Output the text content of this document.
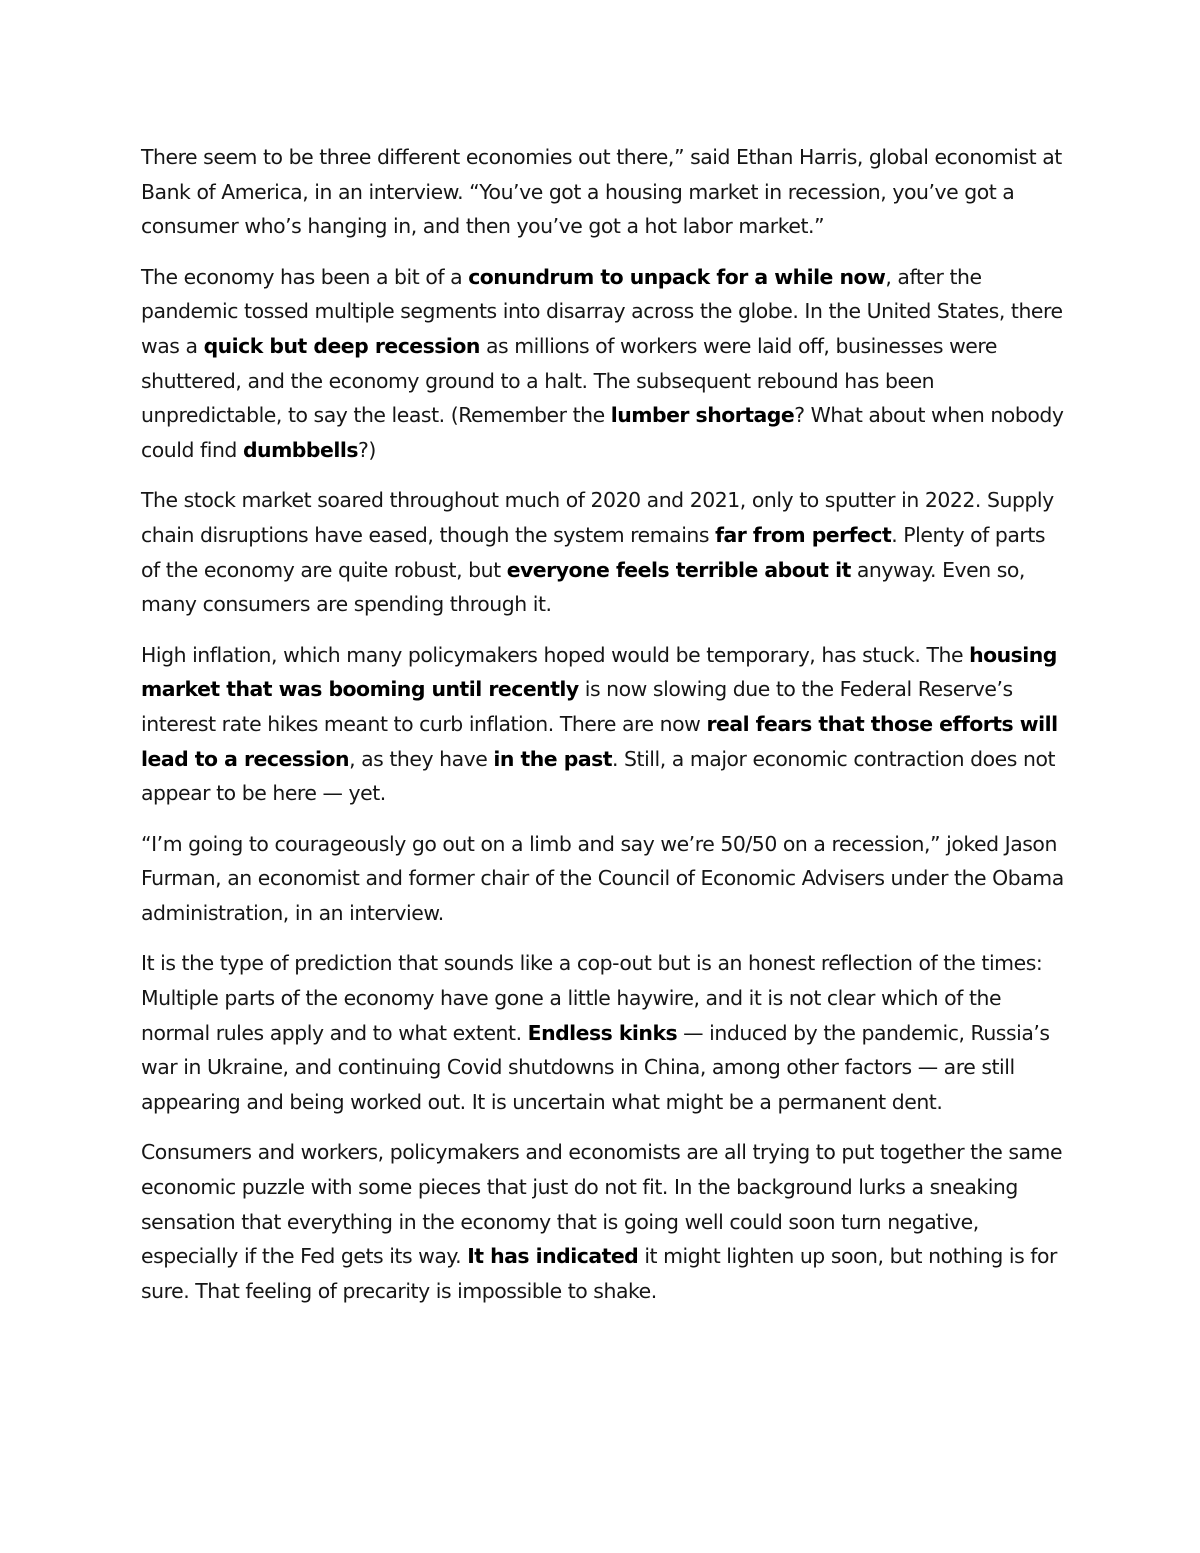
There seem to be three different economies out there,” said Ethan Harris, global economist at Bank of America, in an interview. “You’ve got a housing market in recession, you’ve got a consumer who’s hanging in, and then you’ve got a hot labor market.”

The economy has been a bit of a conundrum to unpack for a while now, after the pandemic tossed multiple segments into disarray across the globe. In the United States, there was a quick but deep recession as millions of workers were laid off, businesses were shuttered, and the economy ground to a halt. The subsequent rebound has been unpredictable, to say the least. (Remember the lumber shortage? What about when nobody could find dumbbells?)

The stock market soared throughout much of 2020 and 2021, only to sputter in 2022. Supply chain disruptions have eased, though the system remains far from perfect. Plenty of parts of the economy are quite robust, but everyone feels terrible about it anyway. Even so, many consumers are spending through it.

High inflation, which many policymakers hoped would be temporary, has stuck. The housing market that was booming until recently is now slowing due to the Federal Reserve’s interest rate hikes meant to curb inflation. There are now real fears that those efforts will lead to a recession, as they have in the past. Still, a major economic contraction does not appear to be here — yet.

“I’m going to courageously go out on a limb and say we’re 50/50 on a recession,” joked Jason Furman, an economist and former chair of the Council of Economic Advisers under the Obama administration, in an interview.

It is the type of prediction that sounds like a cop-out but is an honest reflection of the times: Multiple parts of the economy have gone a little haywire, and it is not clear which of the normal rules apply and to what extent. Endless kinks — induced by the pandemic, Russia’s war in Ukraine, and continuing Covid shutdowns in China, among other factors — are still appearing and being worked out. It is uncertain what might be a permanent dent.

Consumers and workers, policymakers and economists are all trying to put together the same economic puzzle with some pieces that just do not fit. In the background lurks a sneaking sensation that everything in the economy that is going well could soon turn negative, especially if the Fed gets its way. It has indicated it might lighten up soon, but nothing is for sure. That feeling of precarity is impossible to shake.
